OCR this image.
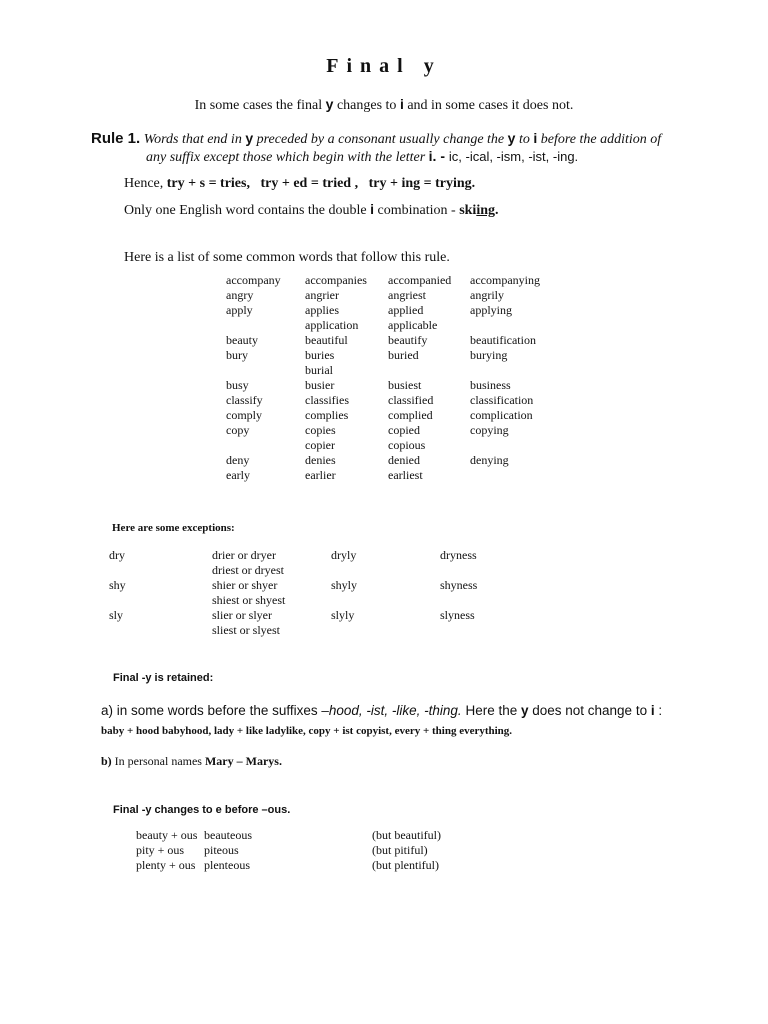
Final y
In some cases the final y changes to i and in some cases it does not.
Rule 1. Words that end in y preceded by a consonant usually change the y to i before the addition of
any suffix except those which begin with the letter i. - ic, -ical, -ism, -ist, -ing.
Hence, try + s = tries, try + ed = tried , try + ing = trying.
Only one English word contains the double i combination - skiing.
Here is a list of some common words that follow this rule.
accompany	accompanies	accompanied	accompanying
angry	angrier	angriest	angrily
apply	applies	applied	applying
	application	applicable	
beauty	beautiful	beautify	beautification
bury	buries	buried	burying
	burial		
busy	busier	busiest	business
classify	classifies	classified	classification
comply	complies	complied	complication
copy	copies	copied	copying
	copier	copious	
deny	denies	denied	denying
early	earlier	earliest	
Here are some exceptions:
dry	drier or dryer	dryly	dryness
	driest or dryest		
shy	shier or shyer	shyly	shyness
	shiest or shyest		
sly	slier or slyer	slyly	slyness
	sliest or slyest		
Final -y is retained:
a) in some words before the suffixes –hood, -ist, -like, -thing. Here the y does not change to i :
baby + hood babyhood, lady + like ladylike, copy + ist copyist, every + thing everything.
b) In personal names Mary – Marys.
Final -y changes to e before –ous.
beauty + ous	beauteous	(but beautiful)
pity + ous	piteous	(but pitiful)
plenty + ous	plenteous	(but plentiful)
